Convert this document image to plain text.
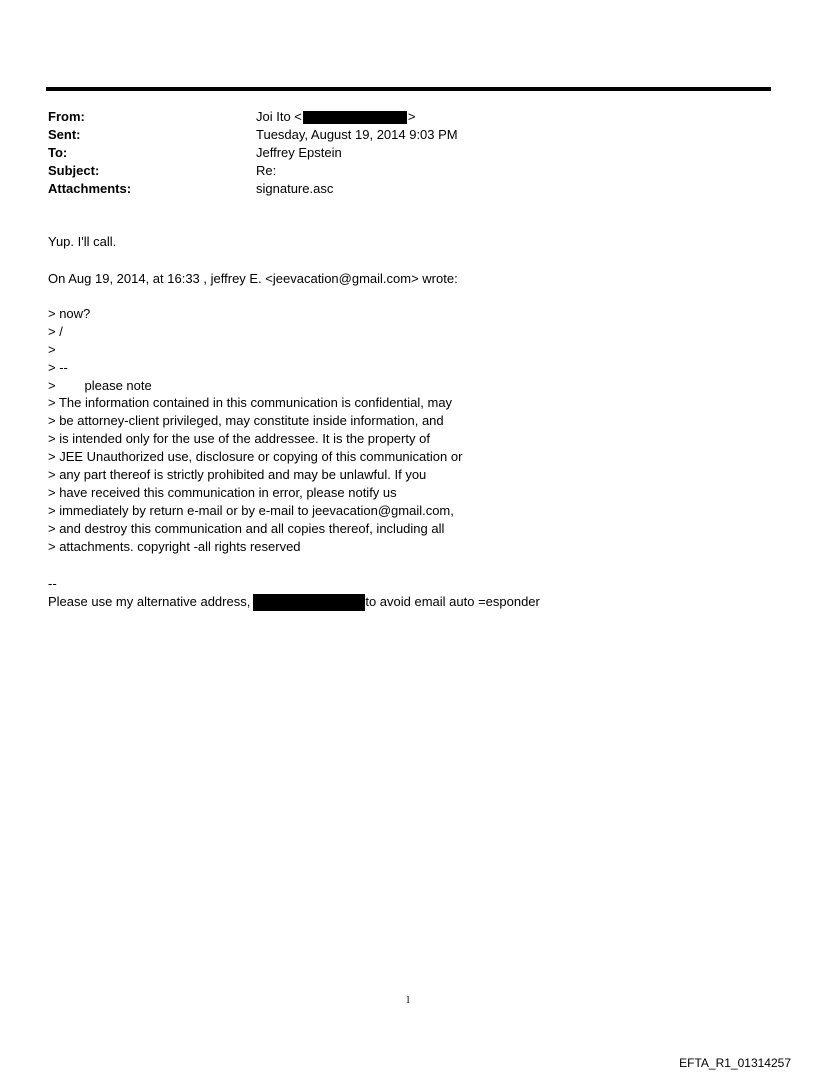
From:	Joi Ito <	>
Sent:	Tuesday, August 19, 2014 9:03 PM
To:	Jeffrey Epstein
Subject:	Re:
Attachments:	signature.asc
Yup. I'll call.
On Aug 19, 2014, at 16:33 , jeffrey E. <jeevacation@gmail.com> wrote:
> now?
> /
>
> --
>        please note
> The information contained in this communication is confidential, may
> be attorney-client privileged, may constitute inside information, and
> is intended only for the use of the addressee. It is the property of
> JEE Unauthorized use, disclosure or copying of this communication or
> any part thereof is strictly prohibited and may be unlawful. If you
> have received this communication in error, please notify us
> immediately by return e-mail or by e-mail to jeevacation@gmail.com,
> and destroy this communication and all copies thereof, including all
> attachments. copyright -all rights reserved
--
Please use my alternative address,	to avoid email auto =esponder
1
EFTA_R1_01314257
